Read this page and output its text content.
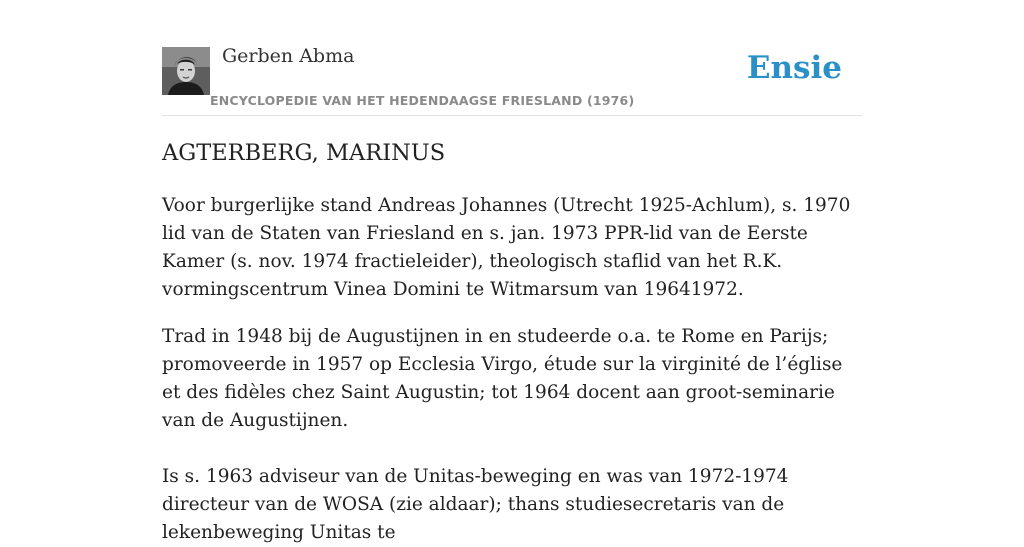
Gerben Abma
ENCYCLOPEDIE VAN HET HEDENDAAGSE FRIESLAND (1976)
Ensie
AGTERBERG, MARINUS

Voor burgerlijke stand Andreas Johannes (Utrecht 1925-Achlum), s. 1970 lid van de Staten van Friesland en s. jan. 1973 PPR-lid van de Eerste Kamer (s. nov. 1974 fractieleider), theologisch staflid van het R.K. vormingscentrum Vinea Domini te Witmarsum van 19641972.

Trad in 1948 bij de Augustijnen in en studeerde o.a. te Rome en Parijs; promoveerde in 1957 op Ecclesia Virgo, étude sur la virginité de l’église et des fidèles chez Saint Augustin; tot 1964 docent aan groot-seminarie van de Augustijnen.

Is s. 1963 adviseur van de Unitas-beweging en was van 1972-1974 directeur van de WOSA (zie aldaar); thans studiesecretaris van de lekenbeweging Unitas te
